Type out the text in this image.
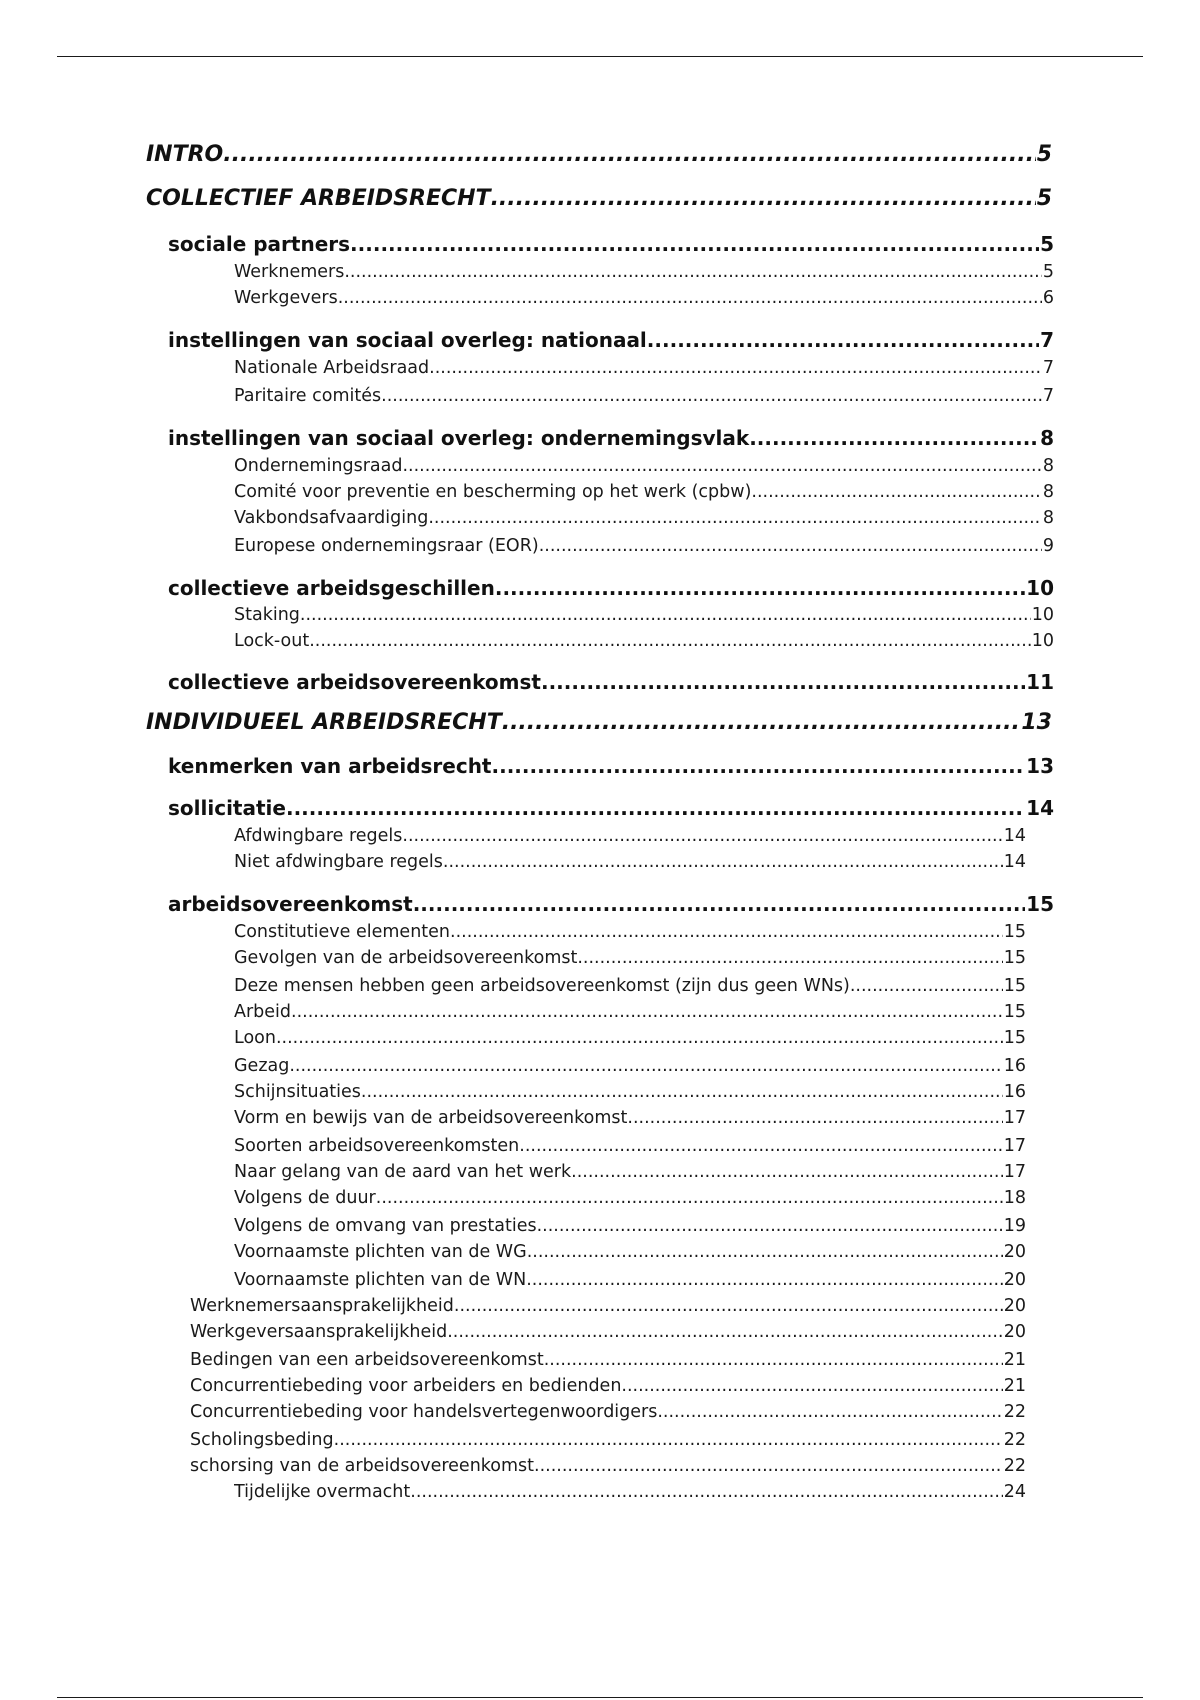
INTRO .....	5
COLLECTIEF ARBEIDSRECHT .....	5
sociale partners .....	5
Werknemers .....	5
Werkgevers .....	6
instellingen van sociaal overleg: nationaal .....	7
Nationale Arbeidsraad .....	7
Paritaire comités .....	7
instellingen van sociaal overleg: ondernemingsvlak .....	8
Ondernemingsraad .....	8
Comité voor preventie en bescherming op het werk (cpbw) .....	8
Vakbondsafvaardiging .....	8
Europese ondernemingsraar (EOR) .....	9
collectieve arbeidsgeschillen .....	10
Staking .....	10
Lock-out .....	10
collectieve arbeidsovereenkomst .....	11
INDIVIDUEEL ARBEIDSRECHT .....	13
kenmerken van arbeidsrecht .....	13
sollicitatie .....	14
Afdwingbare regels .....	14
Niet afdwingbare regels .....	14
arbeidsovereenkomst .....	15
Constitutieve elementen .....	15
Gevolgen van de arbeidsovereenkomst .....	15
Deze mensen hebben geen arbeidsovereenkomst (zijn dus geen WNs) .....	15
Arbeid .....	15
Loon .....	15
Gezag .....	16
Schijnsituaties .....	16
Vorm en bewijs van de arbeidsovereenkomst .....	17
Soorten arbeidsovereenkomsten .....	17
Naar gelang van de aard van het werk .....	17
Volgens de duur .....	18
Volgens de omvang van prestaties .....	19
Voornaamste plichten van de WG .....	20
Voornaamste plichten van de WN .....	20
Werknemersaansprakelijkheid .....	20
Werkgeversaansprakelijkheid .....	20
Bedingen van een arbeidsovereenkomst .....	21
Concurrentiebeding voor arbeiders en bedienden .....	21
Concurrentiebeding voor handelsvertegenwoordigers .....	22
Scholingsbeding .....	22
schorsing van de arbeidsovereenkomst .....	22
Tijdelijke overmacht .....	24
